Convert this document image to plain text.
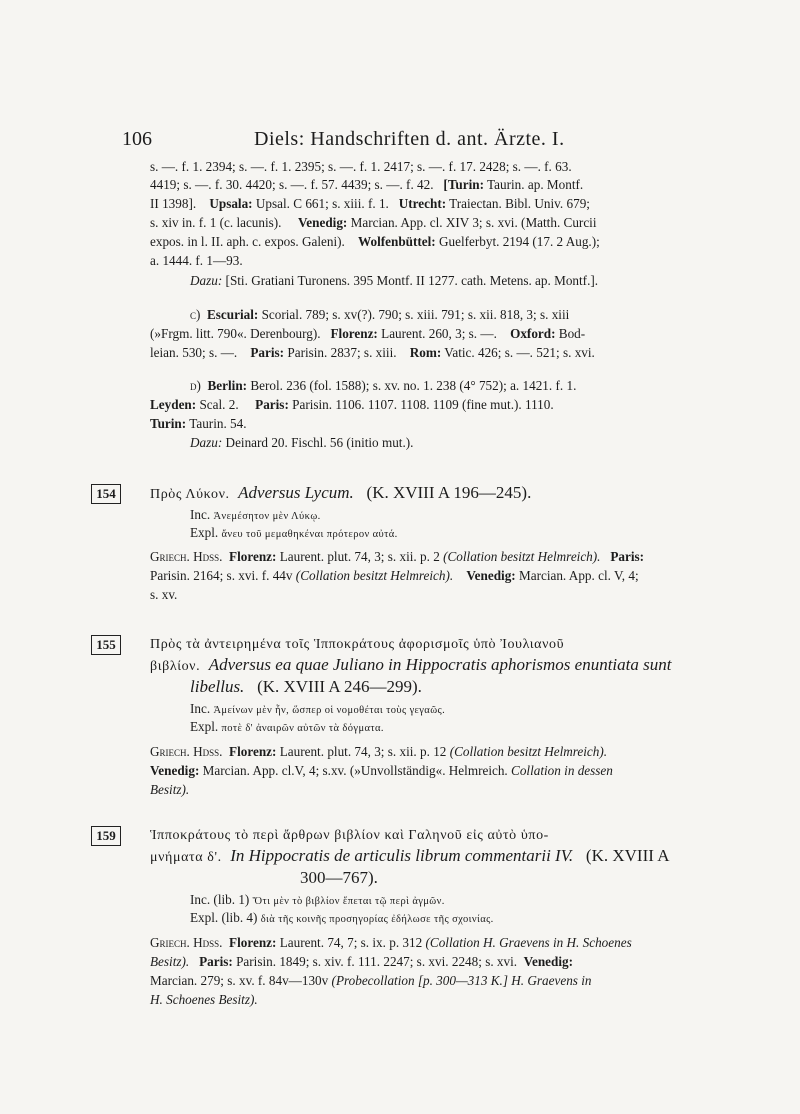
106	Diels: Handschriften d. ant. Ärzte. I.
s. —. f. 1. 2394; s. —. f. 1. 2395; s. —. f. 1. 2417; s. —. f. 17. 2428; s. —. f. 63.
4419; s. —. f. 30. 4420; s. —. f. 57. 4439; s. —. f. 42. [Turin: Taurin. ap. Montf.
II 1398]. Upsala: Upsal. C 661; s. xiii. f. 1. Utrecht: Traiectan. Bibl. Univ. 679;
s. xiv in. f. 1 (c. lacunis). Venedig: Marcian. App. cl. XIV 3; s. xvi. (Matth. Curcii
expos. in l. II. aph. c. expos. Galeni). Wolfenbüttel: Guelferbyt. 2194 (17. 2 Aug.);
a. 1444. f. 1—93.
Dazu: [Sti. Gratiani Turonens. 395 Montf. II 1277. cath. Metens. ap. Montf.].
c) Escurial: Scorial. 789; s. xv(?). 790; s. xiii. 791; s. xii. 818, 3; s. xiii
(»Frgm. litt. 790«. Derenbourg). Florenz: Laurent. 260, 3; s. —. Oxford: Bod-
leian. 530; s. —. Paris: Parisin. 2837; s. xiii. Rom: Vatic. 426; s. —. 521; s. xvi.
d) Berlin: Berol. 236 (fol. 1588); s. xv. no. 1. 238 (4° 752); a. 1421. f. 1.
Leyden: Scal. 2. Paris: Parisin. 1106. 1107. 1108. 1109 (fine mut.). 1110.
Turin: Taurin. 54.
Dazu: Deinard 20. Fischl. 56 (initio mut.).
154	Πρὸς Λύκον. Adversus Lycum. (K. XVIII A 196—245).
Inc. Ἀνεμέσητον μὲν Λύκῳ.
Expl. ἄνευ τοῦ μεμαθηκέναι πρότερον αὐτά.
Griech. Hdss. Florenz: Laurent. plut. 74, 3; s. xii. p. 2 (Collation besitzt Helmreich). Paris:
Parisin. 2164; s. xvi. f. 44v (Collation besitzt Helmreich). Venedig: Marcian. App. cl. V, 4;
s. xv.
155	Πρὸς τὰ ἀντειρημένα τοῖς Ἱπποκράτους ἀφορισμοῖς ὑπὸ Ἰουλιανοῦ
βιβλίον. Adversus ea quae Juliano in Hippocratis aphorismos enuntiata sunt
libellus. (K. XVIII A 246—299).
Inc. Ἀμείνων μὲν ἦν, ὥσπερ οἱ νομοθέται τοὺς γεγαῶς.
Expl. ποτὲ δ' ἀναιρῶν αὐτῶν τὰ δόγματα.
Griech. Hdss. Florenz: Laurent. plut. 74, 3; s. xii. p. 12 (Collation besitzt Helmreich).
Venedig: Marcian. App. cl.V, 4; s.xv. (»Unvollständig«. Helmreich. Collation in dessen
Besitz).
159	Ἱπποκράτους τὸ περὶ ἄρθρων βιβλίον καὶ Γαληνοῦ εἰς αὐτὸ ὑπο-
μνήματα δ'. In Hippocratis de articulis librum commentarii IV. (K. XVIII A
300—767).
Inc. (lib. 1) Ὅτι μὲν τὸ βιβλίον ἕπεται τῷ περὶ ἀγμῶν.
Expl. (lib. 4) διὰ τῆς κοινῆς προσηγορίας ἐδήλωσε τῆς σχοινίας.
Griech. Hdss. Florenz: Laurent. 74, 7; s. ix. p. 312 (Collation H. Graevens in H. Schoenes
Besitz). Paris: Parisin. 1849; s. xiv. f. 111. 2247; s. xvi. 2248; s. xvi. Venedig:
Marcian. 279; s. xv. f. 84v—130v (Probecollation [p. 300—313 K.] H. Graevens in
H. Schoenes Besitz).
